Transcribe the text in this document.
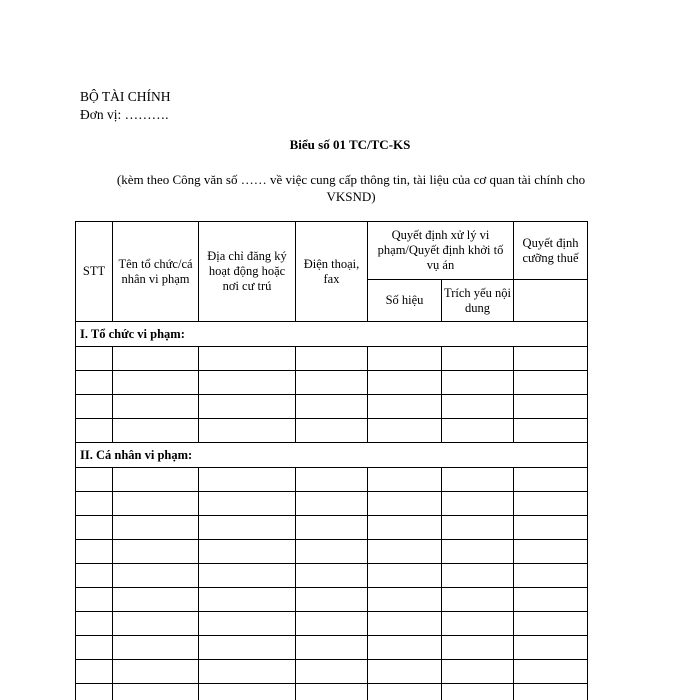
BỘ TÀI CHÍNH
Đơn vị: ……….
Biểu số 01 TC/TC-KS
(kèm theo Công văn số …… về việc cung cấp thông tin, tài liệu của cơ quan tài chính cho VKSND)
STT	Tên tổ chức/cá nhân vi phạm	Địa chỉ đăng ký hoạt động hoặc nơi cư trú	Điện thoại, fax	Quyết định xử lý vi phạm/Quyết định khởi tố vụ án		Quyết định cưỡng thuế
				Số hiệu	Trích yếu nội dung	
I. Tổ chức vi phạm:						

II. Cá nhân vi phạm:						
